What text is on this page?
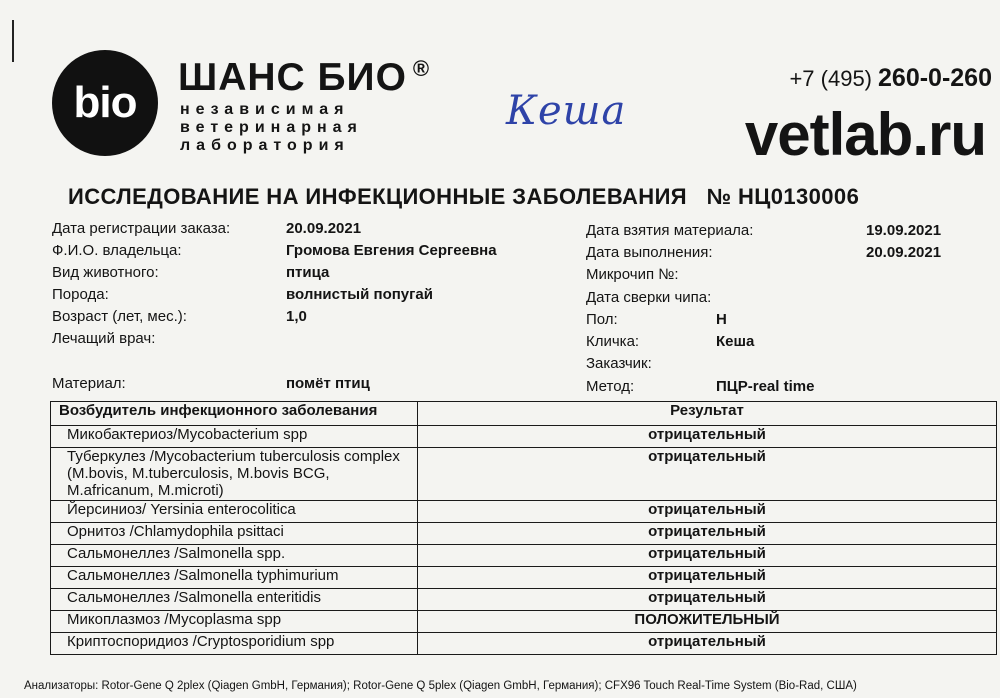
bio
ШАНС БИО ®
независимая
ветеринарная
лаборатория
Кеша
+7 (495) 260-0-260
vetlab.ru
ИССЛЕДОВАНИЕ НА ИНФЕКЦИОННЫЕ ЗАБОЛЕВАНИЯ № НЦ0130006
Дата регистрации заказа:	20.09.2021
Ф.И.О. владельца:	Громова Евгения Сергеевна
Вид животного:	птица
Порода:	волнистый попугай
Возраст (лет, мес.):	1,0
Лечащий врач:
Дата взятия материала:	19.09.2021
Дата выполнения:	20.09.2021
Микрочип №:
Дата сверки чипа:
Пол:	Н
Кличка:	Кеша
Заказчик:
Материал:	помёт птиц	Метод:	ПЦР-real time
Возбудитель инфекционного заболевания	Результат
Микобактериоз/Mycobacterium spp	отрицательный
Туберкулез /Mycobacterium tuberculosis complex (M.bovis, M.tuberculosis, M.bovis BCG, M.africanum, M.microti)	отрицательный
Йерсиниоз/ Yersinia enterocolitica	отрицательный
Орнитоз /Chlamydophila psittaci	отрицательный
Сальмонеллез /Salmonella spp.	отрицательный
Сальмонеллез /Salmonella typhimurium	отрицательный
Сальмонеллез /Salmonella enteritidis	отрицательный
Микоплазмоз /Mycoplasma spp	ПОЛОЖИТЕЛЬНЫЙ
Криптоспоридиоз /Cryptosporidium spp	отрицательный
Анализаторы: Rotor-Gene Q 2plex (Qiagen GmbH, Германия); Rotor-Gene Q 5plex (Qiagen GmbH, Германия); CFX96 Touch Real-Time System (Bio-Rad, США)
